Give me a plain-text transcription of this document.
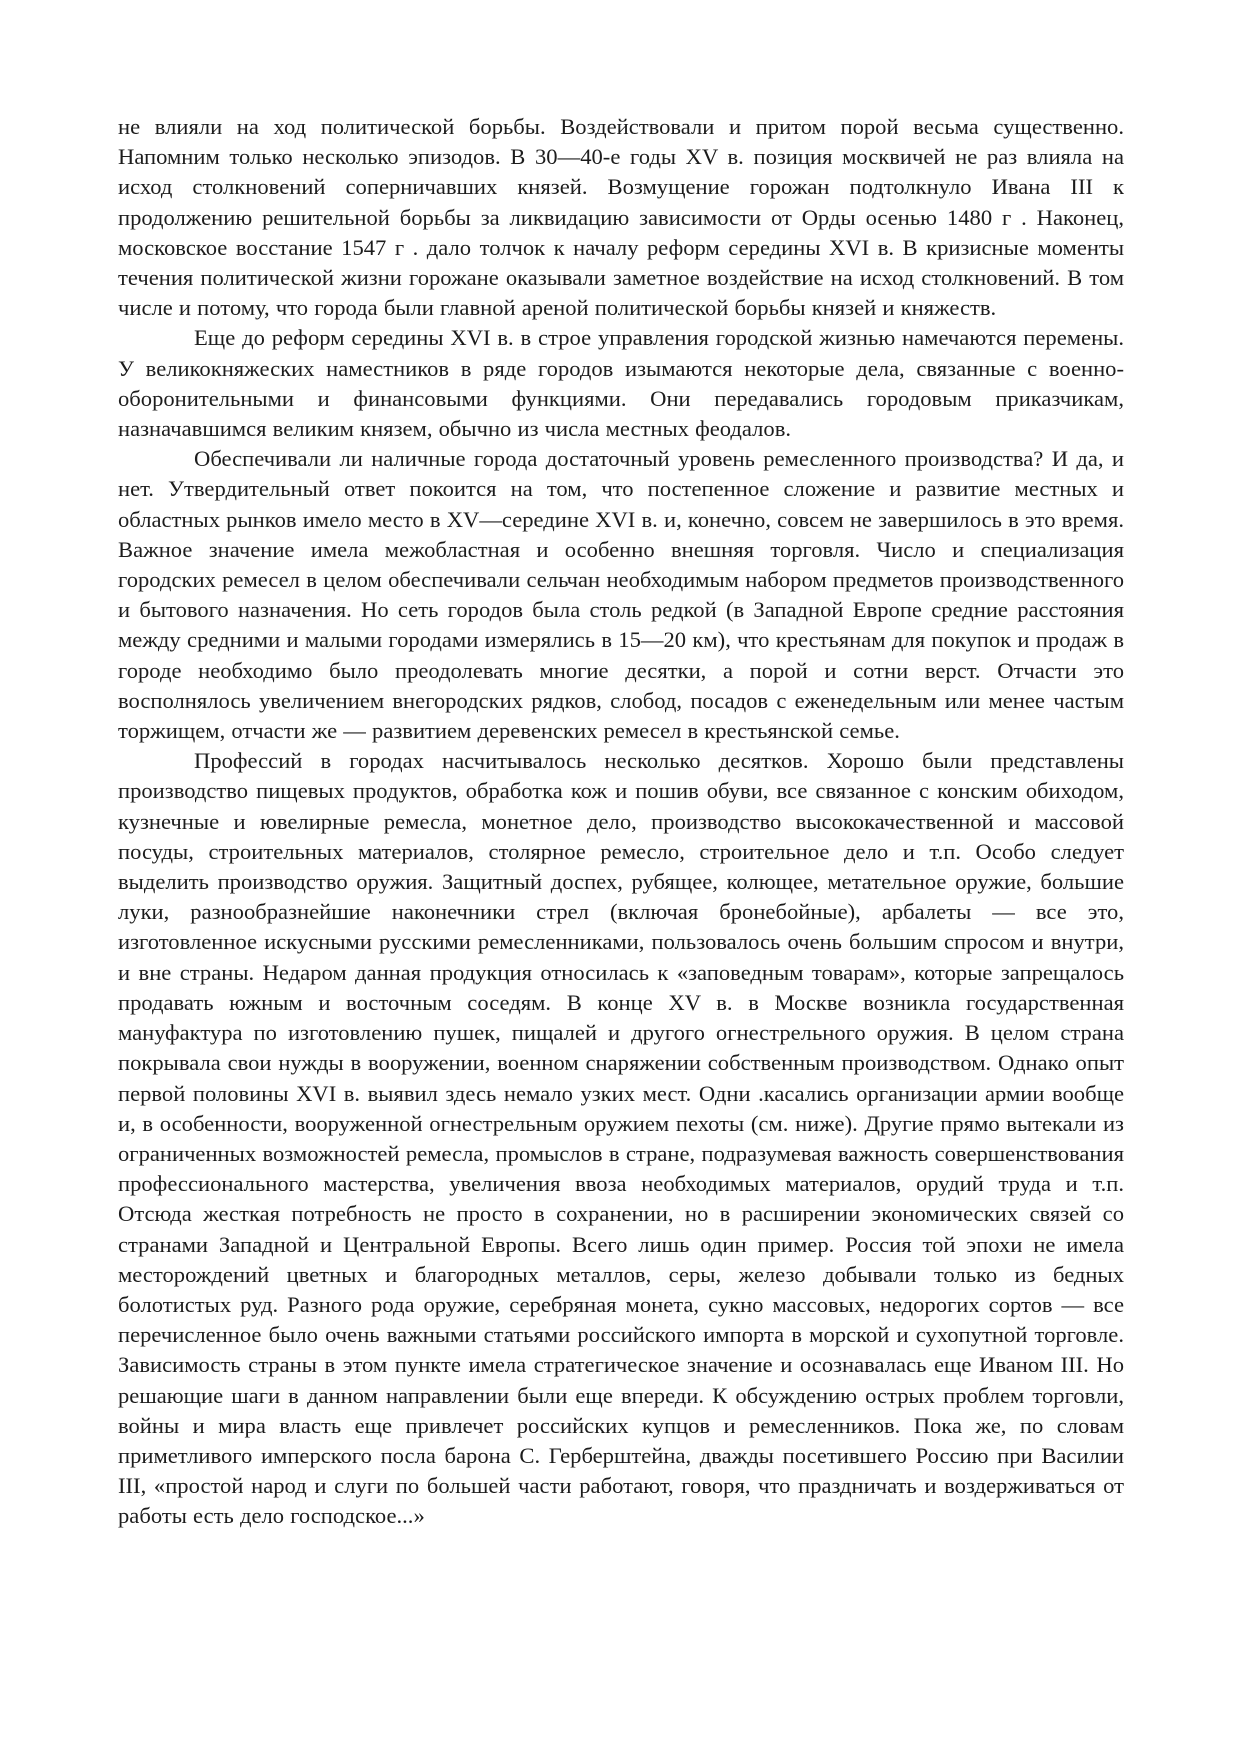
не влияли на ход политической борьбы. Воздействовали и притом порой весьма существенно. Напомним только несколько эпизодов. В 30—40-е годы XV в. позиция москвичей не раз влияла на исход столкновений соперничавших князей. Возмущение горожан подтолкнуло Ивана III к продолжению решительной борьбы за ликвидацию зависимости от Орды осенью 1480 г . Наконец, московское восстание 1547 г . дало толчок к началу реформ середины XVI в. В кризисные моменты течения политической жизни горожане оказывали заметное воздействие на исход столкновений. В том числе и потому, что города были главной ареной политической борьбы князей и княжеств.

Еще до реформ середины XVI в. в строе управления городской жизнью намечаются перемены. У великокняжеских наместников в ряде городов изымаются некоторые дела, связанные с военно-оборонительными и финансовыми функциями. Они передавались городовым приказчикам, назначавшимся великим князем, обычно из числа местных феодалов.

Обеспечивали ли наличные города достаточный уровень ремесленного производства? И да, и нет. Утвердительный ответ покоится на том, что постепенное сложение и развитие местных и областных рынков имело место в XV—середине XVI в. и, конечно, совсем не завершилось в это время. Важное значение имела межобластная и особенно внешняя торговля. Число и специализация городских ремесел в целом обеспечивали сельчан необходимым набором предметов производственного и бытового назначения. Но сеть городов была столь редкой (в Западной Европе средние расстояния между средними и малыми городами измерялись в 15—20 км), что крестьянам для покупок и продаж в городе необходимо было преодолевать многие десятки, а порой и сотни верст. Отчасти это восполнялось увеличением внегородских рядков, слобод, посадов с еженедельным или менее частым торжищем, отчасти же — развитием деревенских ремесел в крестьянской семье.

Профессий в городах насчитывалось несколько десятков. Хорошо были представлены производство пищевых продуктов, обработка кож и пошив обуви, все связанное с конским обиходом, кузнечные и ювелирные ремесла, монетное дело, производство высококачественной и массовой посуды, строительных материалов, столярное ремесло, строительное дело и т.п. Особо следует выделить производство оружия. Защитный доспех, рубящее, колющее, метательное оружие, большие луки, разнообразнейшие наконечники стрел (включая бронебойные), арбалеты — все это, изготовленное искусными русскими ремесленниками, пользовалось очень большим спросом и внутри, и вне страны. Недаром данная продукция относилась к «заповедным товарам», которые запрещалось продавать южным и восточным соседям. В конце XV в. в Москве возникла государственная мануфактура по изготовлению пушек, пищалей и другого огнестрельного оружия. В целом страна покрывала свои нужды в вооружении, военном снаряжении собственным производством. Однако опыт первой половины XVI в. выявил здесь немало узких мест. Одни .касались организации армии вообще и, в особенности, вооруженной огнестрельным оружием пехоты (см. ниже). Другие прямо вытекали из ограниченных возможностей ремесла, промыслов в стране, подразумевая важность совершенствования профессионального мастерства, увеличения ввоза необходимых материалов, орудий труда и т.п. Отсюда жесткая потребность не просто в сохранении, но в расширении экономических связей со странами Западной и Центральной Европы. Всего лишь один пример. Россия той эпохи не имела месторождений цветных и благородных металлов, серы, железо добывали только из бедных болотистых руд. Разного рода оружие, серебряная монета, сукно массовых, недорогих сортов — все перечисленное было очень важными статьями российского импорта в морской и сухопутной торговле. Зависимость страны в этом пункте имела стратегическое значение и осознавалась еще Иваном III. Но решающие шаги в данном направлении были еще впереди. К обсуждению острых проблем торговли, войны и мира власть еще привлечет российских купцов и ремесленников. Пока же, по словам приметливого имперского посла барона С. Герберштейна, дважды посетившего Россию при Василии III, «простой народ и слуги по большей части работают, говоря, что праздничать и воздерживаться от работы есть дело господское...»
